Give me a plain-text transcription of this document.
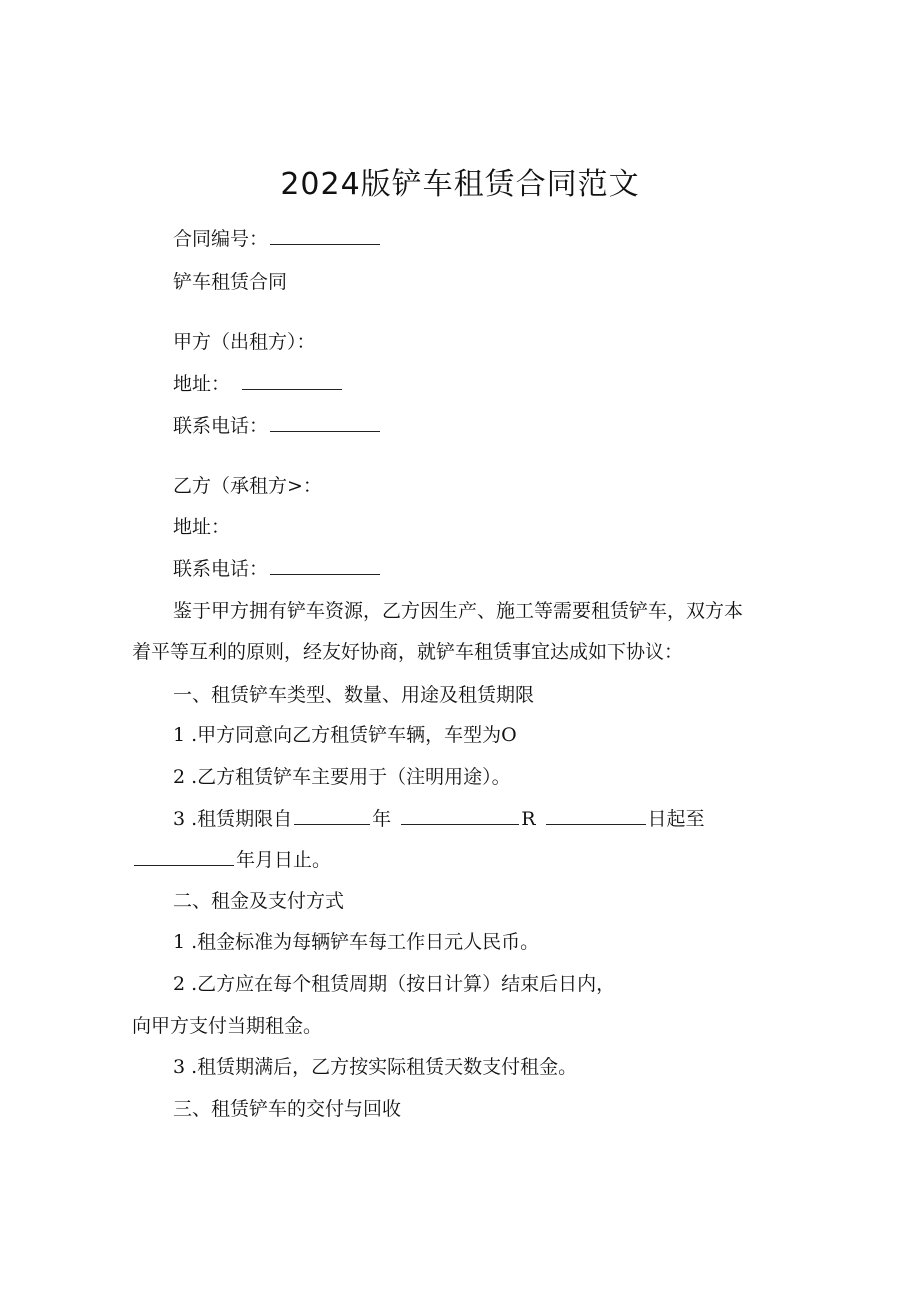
2024版铲车租赁合同范文
合同编号：
铲车租赁合同
甲方（出租方）：
地址：
联系电话：
乙方（承租方>：
地址：
联系电话：
鉴于甲方拥有铲车资源，乙方因生产、施工等需要租赁铲车，双方本
着平等互利的原则，经友好协商，就铲车租赁事宜达成如下协议：
一、租赁铲车类型、数量、用途及租赁期限
1 .甲方同意向乙方租赁铲车辆，车型为O
2 .乙方租赁铲车主要用于（注明用途）。
3 .租赁期限自	年	R	日起至
年月日止。
二、租金及支付方式
1 .租金标准为每辆铲车每工作日元人民币。
2 .乙方应在每个租赁周期（按日计算）结束后日内，
向甲方支付当期租金。
3 .租赁期满后，乙方按实际租赁天数支付租金。
三、租赁铲车的交付与回收
